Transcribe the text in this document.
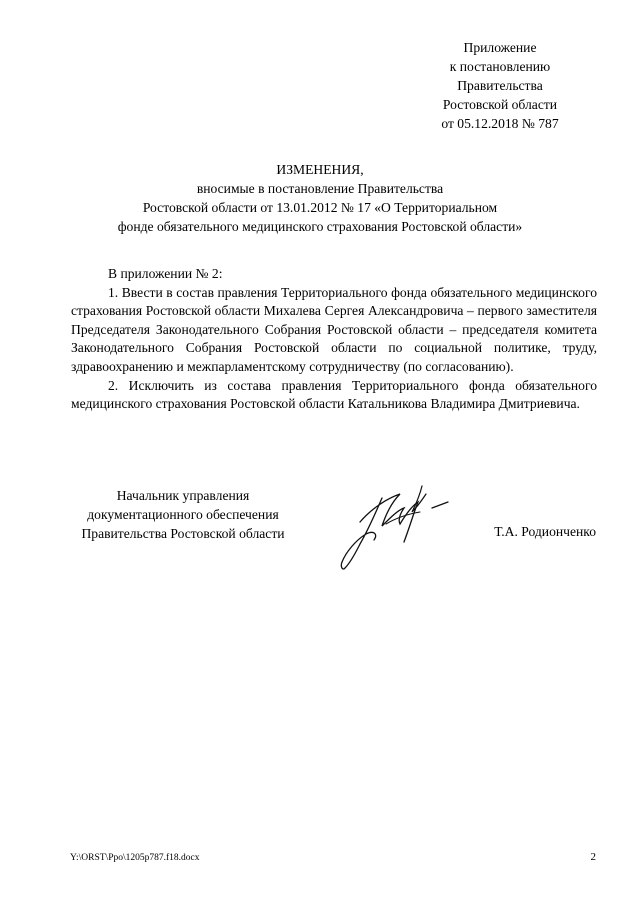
Приложение
к постановлению
Правительства
Ростовской области
от 05.12.2018 № 787
ИЗМЕНЕНИЯ,
вносимые в постановление Правительства
Ростовской области от 13.01.2012 № 17 «О Территориальном
фонде обязательного медицинского страхования Ростовской области»

В приложении № 2:

1. Ввести в состав правления Территориального фонда обязательного медицинского страхования Ростовской области Михалева Сергея Александровича – первого заместителя Председателя Законодательного Собрания Ростовской области – председателя комитета Законодательного Собрания Ростовской области по социальной политике, труду, здравоохранению и межпарламентскому сотрудничеству (по согласованию).

2. Исключить из состава правления Территориального фонда обязательного медицинского страхования Ростовской области Катальникова Владимира Дмитриевича.

Начальник управления
документационного обеспечения
Правительства Ростовской области	Т.А. Родионченко
Y:\ORST\Ppo\1205p787.f18.docx	2
